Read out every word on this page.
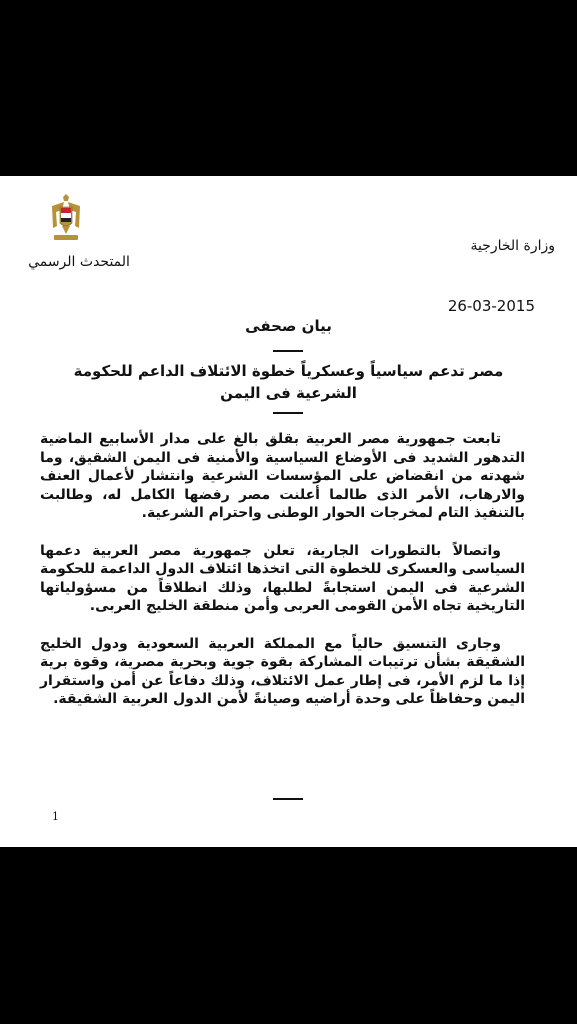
المتحدث الرسمي
وزارة الخارجية
26-03-2015
بيان صحفى
مصر تدعم سياسياً وعسكرياً خطوة الائتلاف الداعم للحكومة الشرعية فى اليمن

تابعت جمهورية مصر العربية بقلق بالغ على مدار الأسابيع الماضية التدهور الشديد فى الأوضاع السياسية والأمنية فى اليمن الشقيق، وما شهدته من انقضاض على المؤسسات الشرعية وانتشار لأعمال العنف والارهاب، الأمر الذى طالما أعلنت مصر رفضها الكامل له، وطالبت بالتنفيذ التام لمخرجات الحوار الوطنى واحترام الشرعية.

واتصالاً بالتطورات الجارية، تعلن جمهورية مصر العربية دعمها السياسى والعسكرى للخطوة التى اتخذها ائتلاف الدول الداعمة للحكومة الشرعية فى اليمن استجابةً لطلبها، وذلك انطلاقاً من مسؤولياتها التاريخية تجاه الأمن القومى العربى وأمن منطقة الخليج العربى.

وجارى التنسيق حالياً مع المملكة العربية السعودية ودول الخليج الشقيقة بشأن ترتيبات المشاركة بقوة جوية وبحرية مصرية، وقوة برية إذا ما لزم الأمر، فى إطار عمل الائتلاف، وذلك دفاعاً عن أمن واستقرار اليمن وحفاظاً على وحدة أراضيه وصيانةً لأمن الدول العربية الشقيقة.

1
